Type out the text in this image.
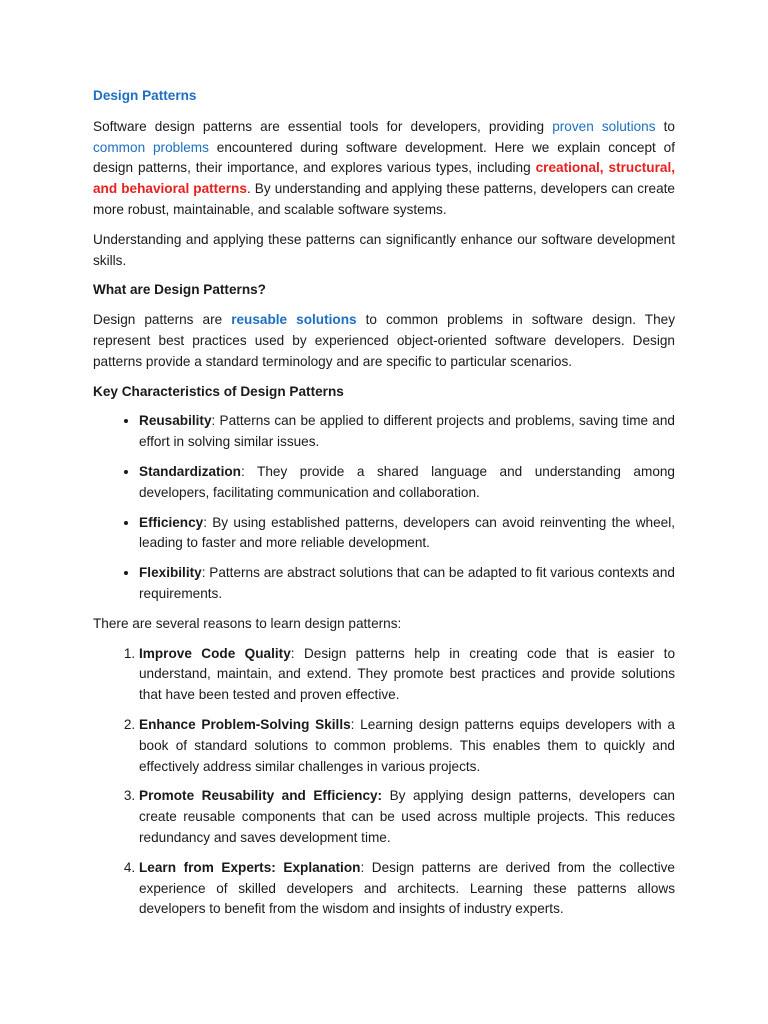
Design Patterns

Software design patterns are essential tools for developers, providing proven solutions to common problems encountered during software development. Here we explain concept of design patterns, their importance, and explores various types, including creational, structural, and behavioral patterns. By understanding and applying these patterns, developers can create more robust, maintainable, and scalable software systems.

Understanding and applying these patterns can significantly enhance our software development skills.

What are Design Patterns?

Design patterns are reusable solutions to common problems in software design. They represent best practices used by experienced object-oriented software developers. Design patterns provide a standard terminology and are specific to particular scenarios.

Key Characteristics of Design Patterns
• Reusability: Patterns can be applied to different projects and problems, saving time and effort in solving similar issues.
• Standardization: They provide a shared language and understanding among developers, facilitating communication and collaboration.
• Efficiency: By using established patterns, developers can avoid reinventing the wheel, leading to faster and more reliable development.
• Flexibility: Patterns are abstract solutions that can be adapted to fit various contexts and requirements.

There are several reasons to learn design patterns:

1. Improve Code Quality: Design patterns help in creating code that is easier to understand, maintain, and extend. They promote best practices and provide solutions that have been tested and proven effective.
2. Enhance Problem-Solving Skills: Learning design patterns equips developers with a book of standard solutions to common problems. This enables them to quickly and effectively address similar challenges in various projects.
3. Promote Reusability and Efficiency: By applying design patterns, developers can create reusable components that can be used across multiple projects. This reduces redundancy and saves development time.
4. Learn from Experts: Explanation: Design patterns are derived from the collective experience of skilled developers and architects. Learning these patterns allows developers to benefit from the wisdom and insights of industry experts.
